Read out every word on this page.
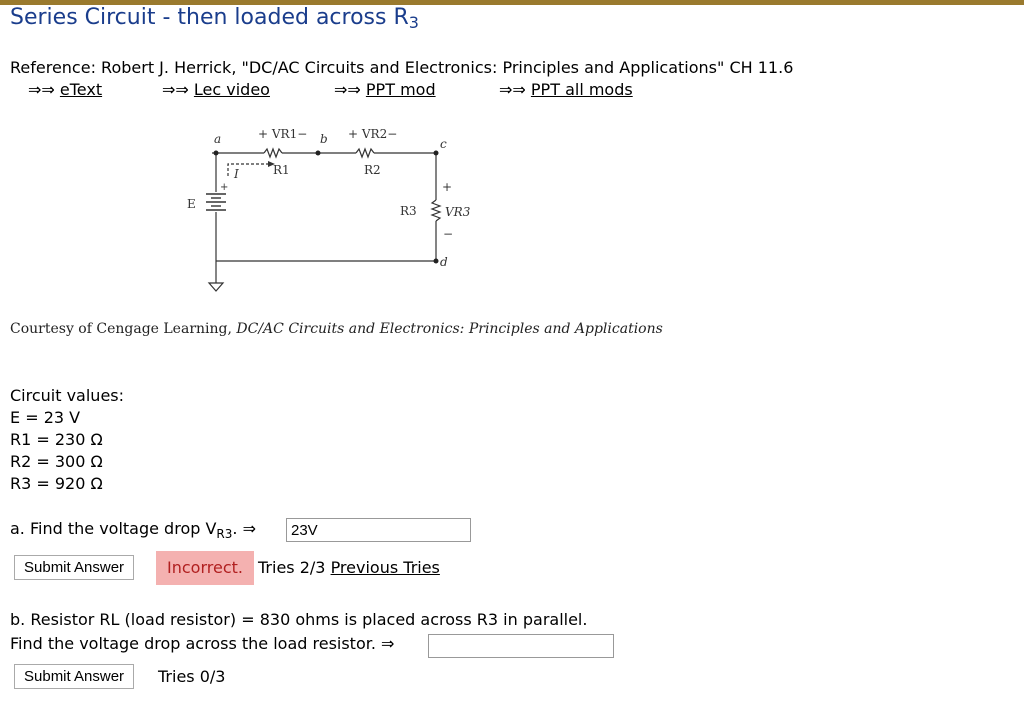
Series Circuit - then loaded across $R_3$
Reference: Robert J. Herrick, "DC/AC Circuits and Electronics: Principles and Applications" CH 11.6
⇒⇒ eText	⇒⇒ Lec video	⇒⇒ PPT mod	⇒⇒ PPT all mods
a	b	c
d
+ VR1−	+ VR2−
R1	R2
R3 VR3
E
I
+
−
+
Courtesy of Cengage Learning, DC/AC Circuits and Electronics: Principles and Applications
Circuit values:
E = 23 V
R1 = 230 Ω
R2 = 300 Ω
R3 = 920 Ω
a. Find the voltage drop $V_{R3}$. ⇒
23V
Submit Answer	Incorrect. Tries 2/3 Previous Tries
b. Resistor RL (load resistor) = 830 ohms is placed across R3 in parallel.
Find the voltage drop across the load resistor. ⇒
Submit Answer	Tries 0/3
